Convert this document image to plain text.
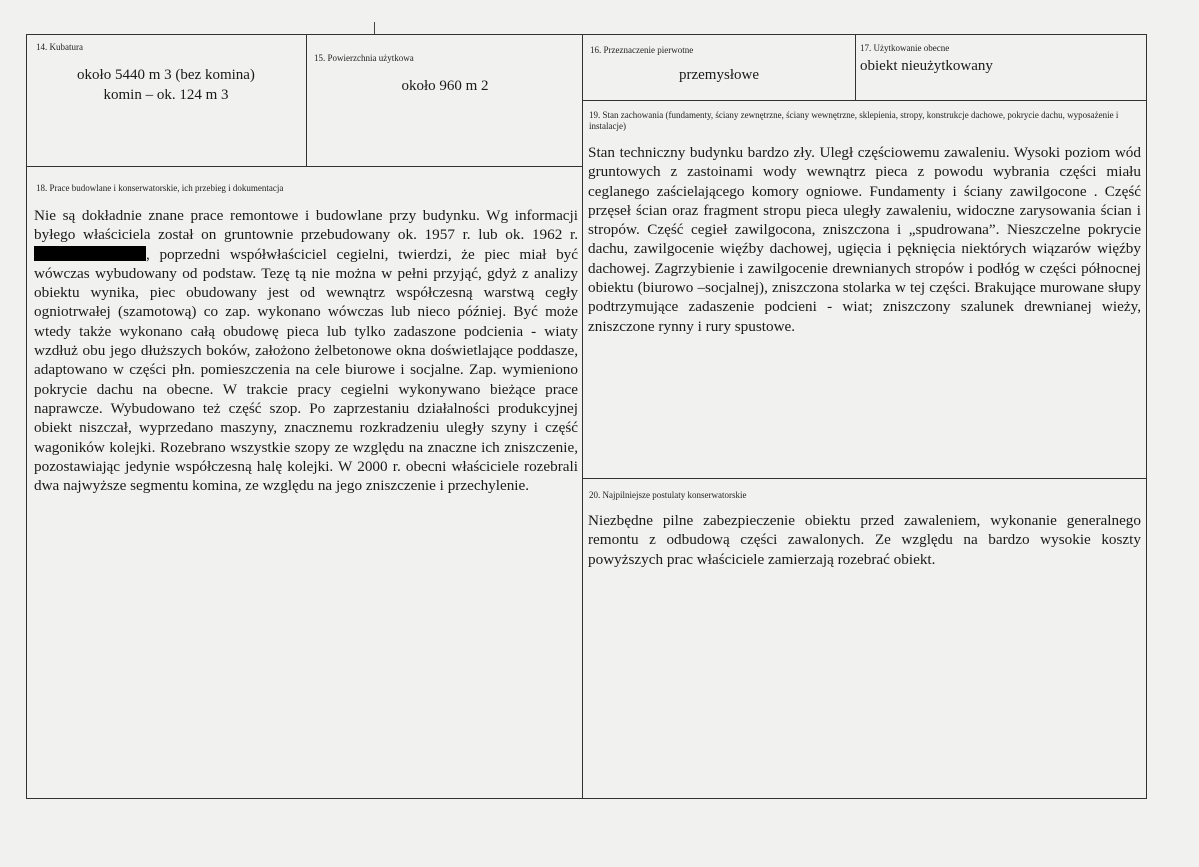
14. Kubatura
około 5440 m 3 (bez komina)
komin – ok. 124 m 3
15. Powierzchnia użytkowa
około 960 m 2
16. Przeznaczenie pierwotne
przemysłowe
17. Użytkowanie obecne
obiekt nieużytkowany
18. Prace budowlane i konserwatorskie, ich przebieg i dokumentacja
Nie są dokładnie znane prace remontowe i budowlane przy budynku. Wg informacji byłego właściciela został on gruntownie przebudowany ok. 1957 r. lub ok. 1962 r. , poprzedni współwłaściciel cegielni, twierdzi, że piec miał być wówczas wybudowany od podstaw. Tezę tą nie można w pełni przyjąć, gdyż z analizy obiektu wynika, piec obudowany jest od wewnątrz współczesną warstwą cegły ogniotrwałej (szamotową) co zap. wykonano wówczas lub nieco później. Być może wtedy także wykonano całą obudowę pieca lub tylko zadaszone podcienia - wiaty wzdłuż obu jego dłuższych boków, założono żelbetonowe okna doświetlające poddasze, adaptowano w części płn. pomieszczenia na cele biurowe i socjalne. Zap. wymieniono pokrycie dachu na obecne. W trakcie pracy cegielni wykonywano bieżące prace naprawcze. Wybudowano też część szop. Po zaprzestaniu działalności produkcyjnej obiekt niszczał, wyprzedano maszyny, znacznemu rozkradzeniu uległy szyny i część wagoników kolejki. Rozebrano wszystkie szopy ze względu na znaczne ich zniszczenie, pozostawiając jedynie współczesną halę kolejki. W 2000 r. obecni właściciele rozebrali dwa najwyższe segmentu komina, ze względu na jego zniszczenie i przechylenie.
19. Stan zachowania (fundamenty, ściany zewnętrzne, ściany wewnętrzne, sklepienia, stropy, konstrukcje dachowe, pokrycie dachu, wyposażenie i instalacje)
Stan techniczny budynku bardzo zły. Uległ częściowemu zawaleniu. Wysoki poziom wód gruntowych z zastoinami wody wewnątrz pieca z powodu wybrania części miału ceglanego zaścielającego komory ogniowe. Fundamenty i ściany zawilgocone . Część przęseł ścian oraz fragment stropu pieca uległy zawaleniu, widoczne zarysowania ścian i stropów. Część cegieł zawilgocona, zniszczona i „spudrowana”. Nieszczelne pokrycie dachu, zawilgocenie więźby dachowej, ugięcia i pęknięcia niektórych wiązarów więźby dachowej. Zagrzybienie i zawilgocenie drewnianych stropów i podłóg w części północnej obiektu (biurowo –socjalnej), zniszczona stolarka w tej części. Brakujące murowane słupy podtrzymujące zadaszenie podcieni - wiat; zniszczony szalunek drewnianej wieży, zniszczone rynny i rury spustowe.
20. Najpilniejsze postulaty konserwatorskie
Niezbędne pilne zabezpieczenie obiektu przed zawaleniem, wykonanie generalnego remontu z odbudową części zawalonych. Ze względu na bardzo wysokie koszty powyższych prac właściciele zamierzają rozebrać obiekt.
